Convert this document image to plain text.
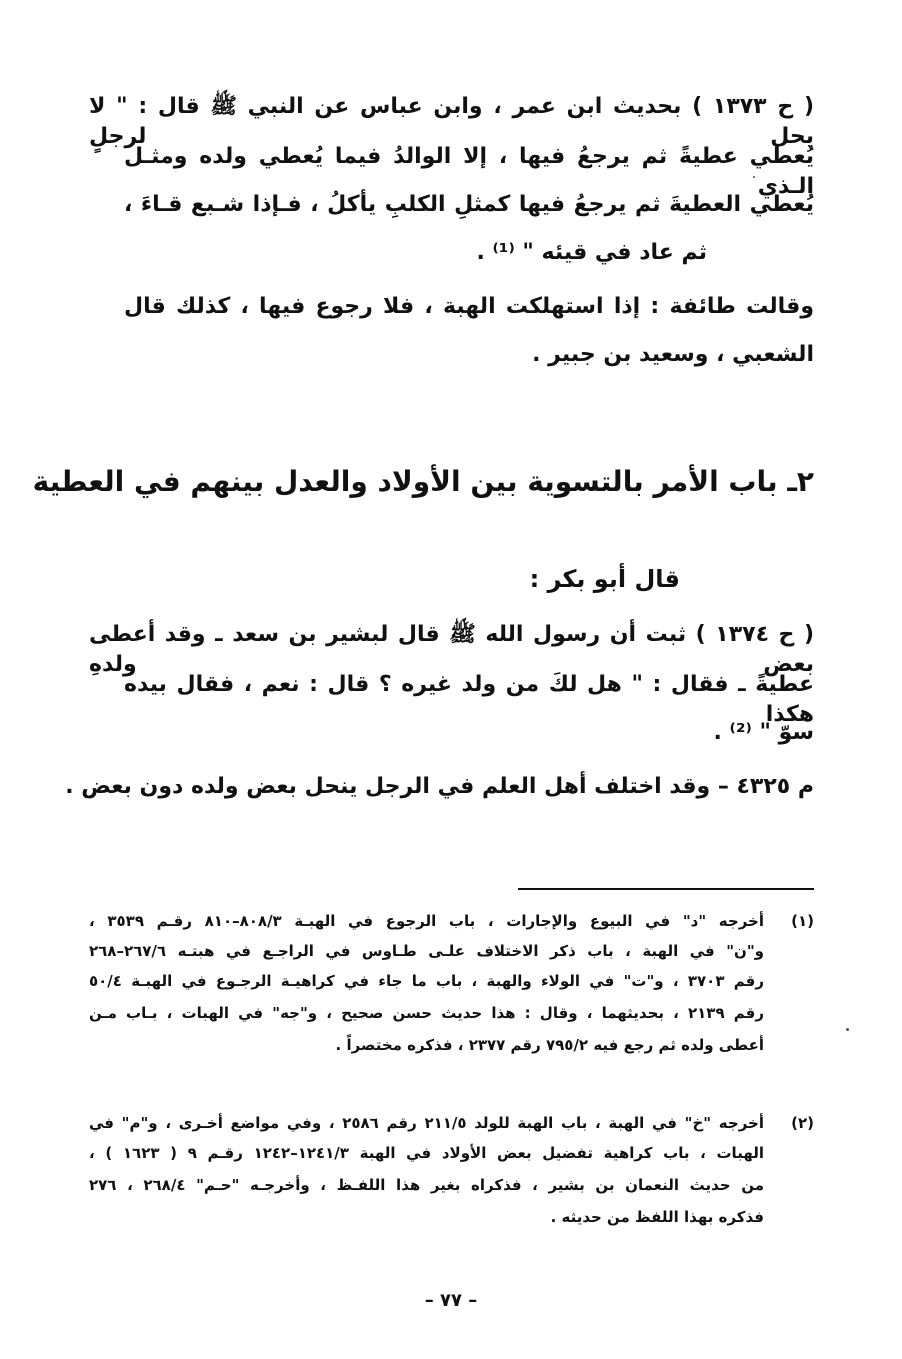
( ح ١٣٧٣ ) بحديث ابن عمر ، وابن عباس عن النبي ﷺ قال : " لا يحل لرجلٍ
يُعطي عطيةً ثم يرجعُ فيها ، إلا الوالدُ فيما يُعطي ولده ومثـل الـذي
يُعطي العطيةَ ثم يرجعُ فيها كمثلِ الكلبِ يأكلُ ، فـإذا شـبع قـاءَ ،
ثم عاد في قيئه " ⁽¹⁾ .
وقالت طائفة : إذا استهلكت الهبة ، فلا رجوع فيها ، كذلك قال
الشعبي ، وسعيد بن جبير .
٢ـ باب الأمر بالتسوية بين الأولاد والعدل بينهم في العطية
قال أبو بكر :
( ح ١٣٧٤ ) ثبت أن رسول الله ﷺ قال لبشير بن سعد ـ وقد أعطى بعض ولدهِ
عطيةً ـ فقال : " هل لكَ من ولد غيره ؟ قال : نعم ، فقال بيده هكذا
سوّ " ⁽²⁾ .
م ٤٣٢٥ – وقد اختلف أهل العلم في الرجل ينحل بعض ولده دون بعض .
(١)
أخرجه "د" في البيوع والإجارات ، باب الرجوع في الهبـة ٨٠٨/٣–٨١٠ رقـم ٣٥٣٩ ،
و"ن" في الهبة ، باب ذكر الاختلاف علـى طـاوس في الراجـع في هبتـه ٢٦٧/٦–٢٦٨
رقم ٣٧٠٣ ، و"ت" في الولاء والهبة ، باب ما جاء في كراهيـة الرجـوع في الهبـة ٥٠/٤
رقم ٢١٣٩ ، بحديثهما ، وقال : هذا حديث حسن صحيح ، و"جه" في الهبات ، بـاب مـن
أعطى ولده ثم رجع فيه ٧٩٥/٢ رقم ٢٣٧٧ ، فذكره مختصراً .
(٢)
أخرجه "خ" في الهبة ، باب الهبة للولد ٢١١/٥ رقم ٢٥٨٦ ، وفي مواضع أخـرى ، و"م" في
الهبات ، باب كراهية تفضيل بعض الأولاد في الهبة ١٢٤١/٣–١٢٤٢ رقـم ٩ ( ١٦٢٣ ) ،
من حديث النعمان بن بشير ، فذكراه بغير هذا اللفـظ ، وأخرجـه "حـم" ٢٦٨/٤ ، ٢٧٦
فذكره بهذا اللفظ من حديثه .
– ٧٧ –
